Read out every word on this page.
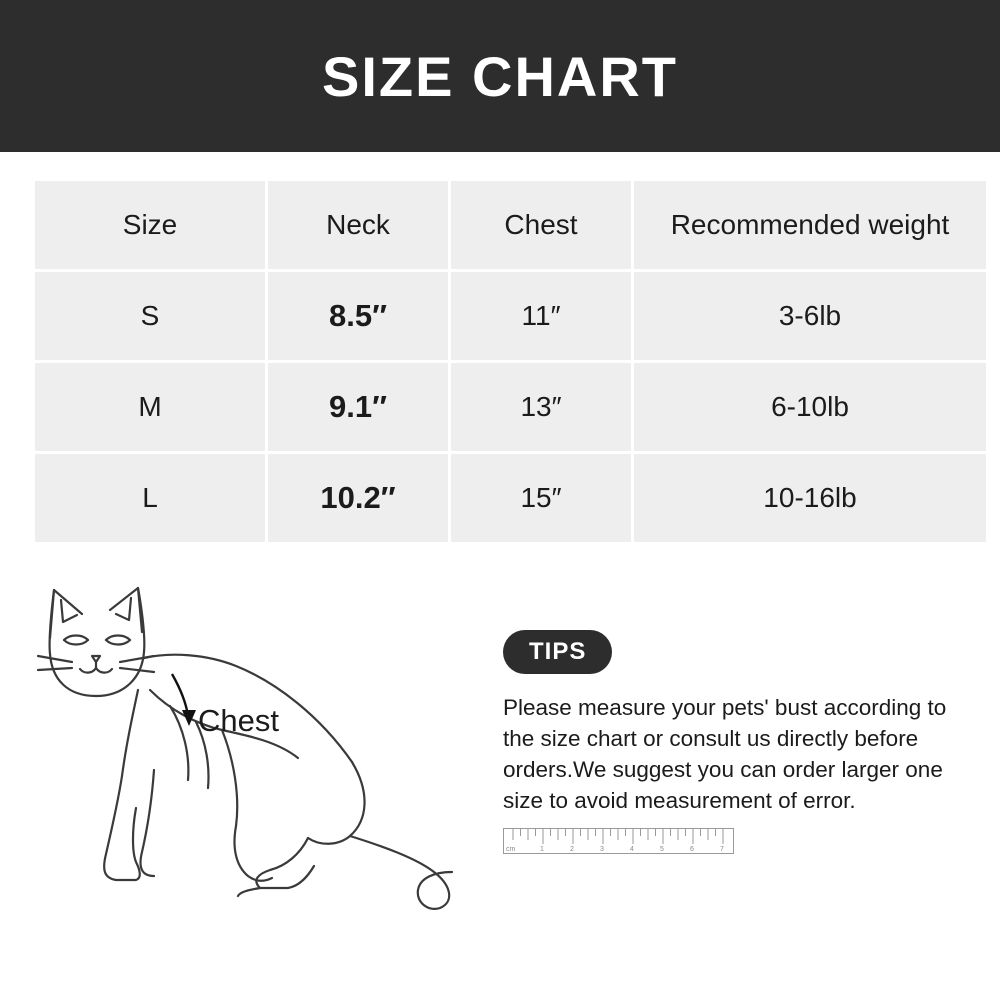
SIZE CHART
Size	Neck	Chest	Recommended weight
S	8.5″	11″	3-6lb
M	9.1″	13″	6-10lb
L	10.2″	15″	10-16lb
Chest
TIPS
Please measure your pets' bust according to the size chart or consult us directly before orders.We suggest you can order larger one size to avoid measurement of error.
cm	1	2	3	4	5	6	7
